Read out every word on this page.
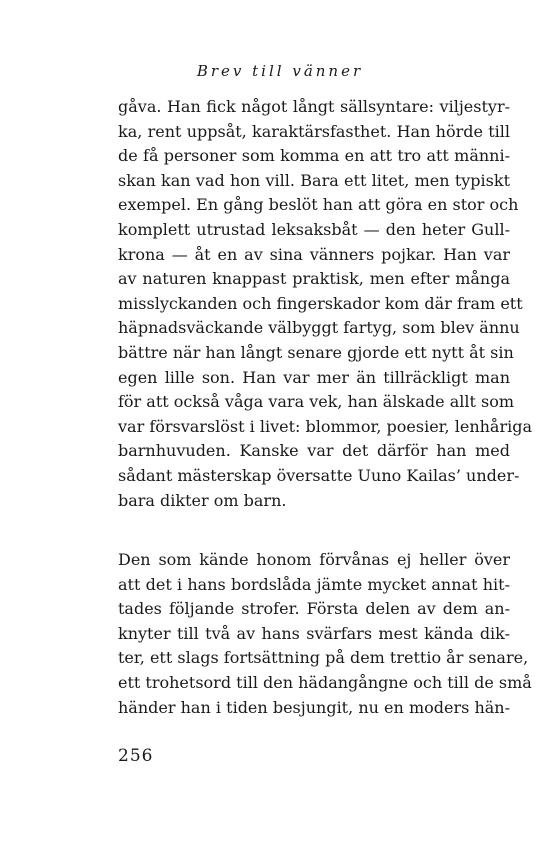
Brev till vänner
gåva. Han fick något långt sällsyntare: viljestyr-
ka, rent uppsåt, karaktärsfasthet. Han hörde till
de få personer som komma en att tro att männi-
skan kan vad hon vill. Bara ett litet, men typiskt
exempel. En gång beslöt han att göra en stor och
komplett utrustad leksaksbåt — den heter Gull-
krona — åt en av sina vänners pojkar. Han var
av naturen knappast praktisk, men efter många
misslyckanden och fingerskador kom där fram ett
häpnadsväckande välbyggt fartyg, som blev ännu
bättre när han långt senare gjorde ett nytt åt sin
egen lille son. Han var mer än tillräckligt man
för att också våga vara vek, han älskade allt som
var försvarslöst i livet: blommor, poesier, lenhåriga
barnhuvuden. Kanske var det därför han med
sådant mästerskap översatte Uuno Kailas’ under-
bara dikter om barn.
Den som kände honom förvånas ej heller över
att det i hans bordslåda jämte mycket annat hit-
tades följande strofer. Första delen av dem an-
knyter till två av hans svärfars mest kända dik-
ter, ett slags fortsättning på dem trettio år senare,
ett trohetsord till den hädangångne och till de små
händer han i tiden besjungit, nu en moders hän-
256
